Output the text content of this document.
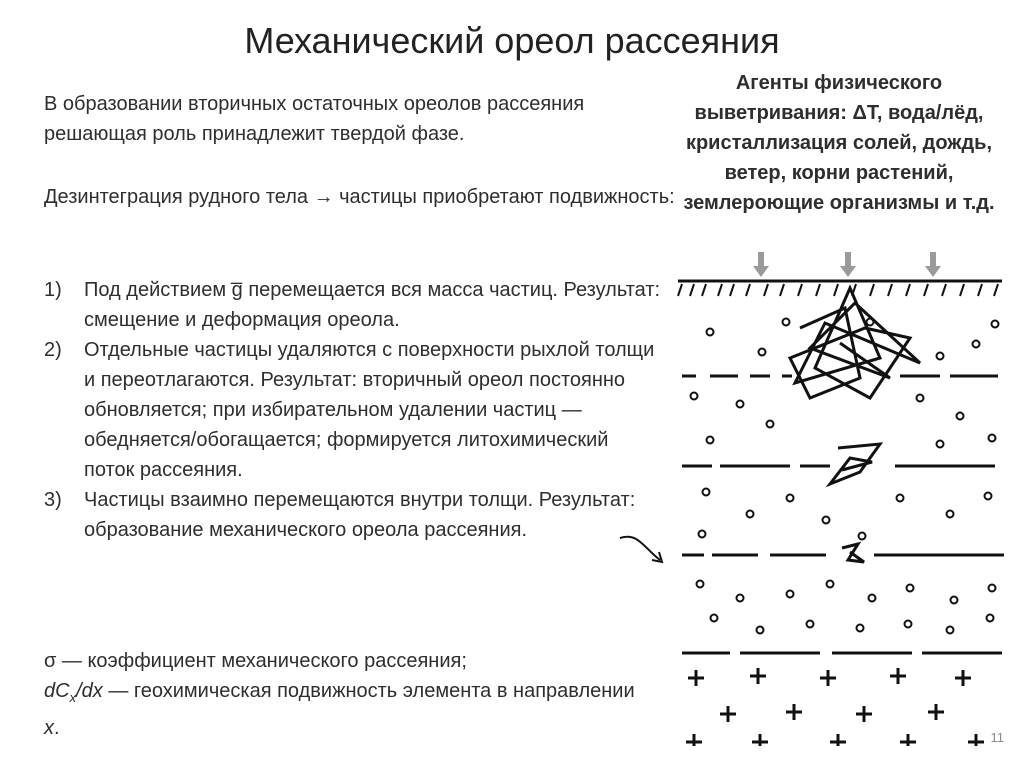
Механический ореол рассеяния
В образовании вторичных остаточных ореолов рассеяния решающая роль принадлежит твердой фазе.
Дезинтеграция рудного тела → частицы приобретают подвижность:
1) Под действием g̅ перемещается вся масса частиц. Результат: смещение и деформация ореола.
2) Отдельные частицы удаляются с поверхности рыхлой толщи и переотлагаются. Результат: вторичный ореол постоянно обновляется; при избирательном удалении частиц — обедняется/обогащается; формируется литохимический поток рассеяния.
3) Частицы взаимно перемещаются внутри толщи. Результат: образование механического ореола рассеяния.
σ — коэффициент механического рассеяния;
$dC_x/dx$ — геохимическая подвижность элемента в направлении x.
Агенты физического выветривания: ΔT, вода/лёд, кристаллизация солей, дождь, ветер, корни растений, землероющие организмы и т.д.
11
